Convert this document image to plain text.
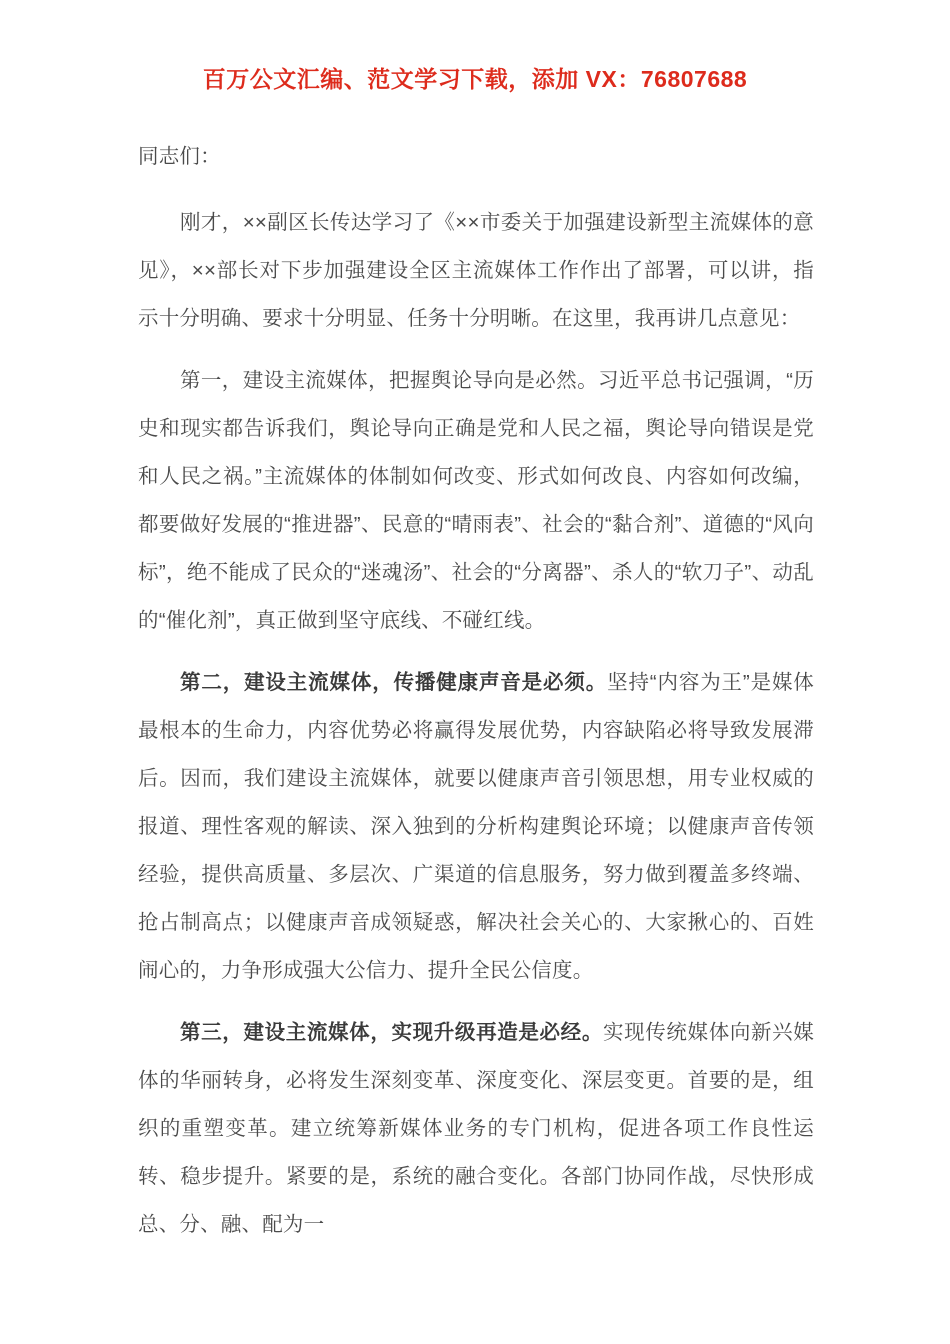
百万公文汇编、范文学习下载，添加 VX：76807688

同志们：

刚才，××副区长传达学习了《××市委关于加强建设新型主流媒体的意见》，××部长对下步加强建设全区主流媒体工作作出了部署，可以讲，指示十分明确、要求十分明显、任务十分明晰。在这里，我再讲几点意见：

第一，建设主流媒体，把握舆论导向是必然。习近平总书记强调，“历史和现实都告诉我们，舆论导向正确是党和人民之福，舆论导向错误是党和人民之祸。”主流媒体的体制如何改变、形式如何改良、内容如何改编，都要做好发展的“推进器”、民意的“晴雨表”、社会的“黏合剂”、道德的“风向标”，绝不能成了民众的“迷魂汤”、社会的“分离器”、杀人的“软刀子”、动乱的“催化剂”，真正做到坚守底线、不碰红线。

第二，建设主流媒体，传播健康声音是必须。坚持“内容为王”是媒体最根本的生命力，内容优势必将赢得发展优势，内容缺陷必将导致发展滞后。因而，我们建设主流媒体，就要以健康声音引领思想，用专业权威的报道、理性客观的解读、深入独到的分析构建舆论环境；以健康声音传领经验，提供高质量、多层次、广渠道的信息服务，努力做到覆盖多终端、抢占制高点；以健康声音成领疑惑，解决社会关心的、大家揪心的、百姓闹心的，力争形成强大公信力、提升全民公信度。

第三，建设主流媒体，实现升级再造是必经。实现传统媒体向新兴媒体的华丽转身，必将发生深刻变革、深度变化、深层变更。首要的是，组织的重塑变革。建立统筹新媒体业务的专门机构，促进各项工作良性运转、稳步提升。紧要的是，系统的融合变化。各部门协同作战，尽快形成总、分、融、配为一
